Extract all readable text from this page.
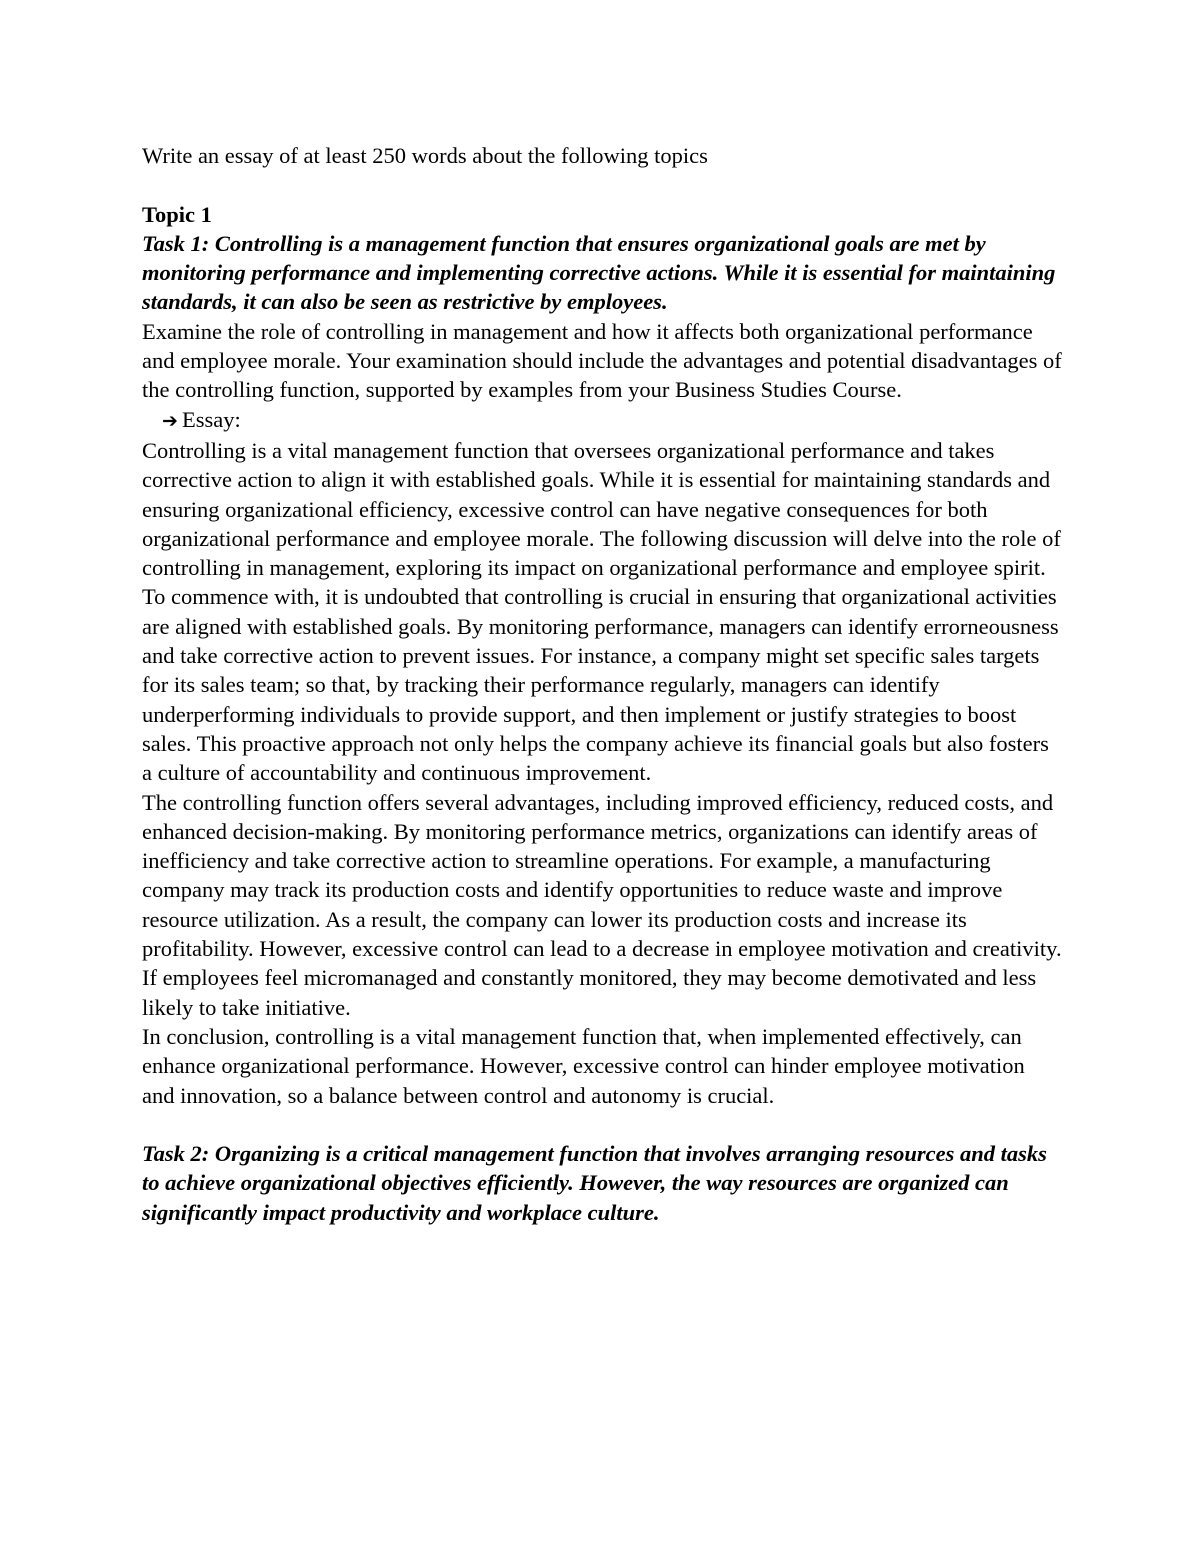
Write an essay of at least 250 words about the following topics

Topic 1

Task 1: Controlling is a management function that ensures organizational goals are met by monitoring performance and implementing corrective actions. While it is essential for maintaining standards, it can also be seen as restrictive by employees.

Examine the role of controlling in management and how it affects both organizational performance and employee morale. Your examination should include the advantages and potential disadvantages of the controlling function, supported by examples from your Business Studies Course.

➔ Essay:

Controlling is a vital management function that oversees organizational performance and takes corrective action to align it with established goals. While it is essential for maintaining standards and ensuring organizational efficiency, excessive control can have negative consequences for both organizational performance and employee morale. The following discussion will delve into the role of controlling in management, exploring its impact on organizational performance and employee spirit.

To commence with, it is undoubted that controlling is crucial in ensuring that organizational activities are aligned with established goals. By monitoring performance, managers can identify errorneousness and take corrective action to prevent issues. For instance, a company might set specific sales targets for its sales team; so that, by tracking their performance regularly, managers can identify underperforming individuals to provide support, and then implement or justify strategies to boost sales. This proactive approach not only helps the company achieve its financial goals but also fosters a culture of accountability and continuous improvement.

The controlling function offers several advantages, including improved efficiency, reduced costs, and enhanced decision-making. By monitoring performance metrics, organizations can identify areas of inefficiency and take corrective action to streamline operations. For example, a manufacturing company may track its production costs and identify opportunities to reduce waste and improve resource utilization. As a result, the company can lower its production costs and increase its profitability. However, excessive control can lead to a decrease in employee motivation and creativity. If employees feel micromanaged and constantly monitored, they may become demotivated and less likely to take initiative.

In conclusion, controlling is a vital management function that, when implemented effectively, can enhance organizational performance. However, excessive control can hinder employee motivation and innovation, so a balance between control and autonomy is crucial.

Task 2: Organizing is a critical management function that involves arranging resources and tasks to achieve organizational objectives efficiently. However, the way resources are organized can significantly impact productivity and workplace culture.
